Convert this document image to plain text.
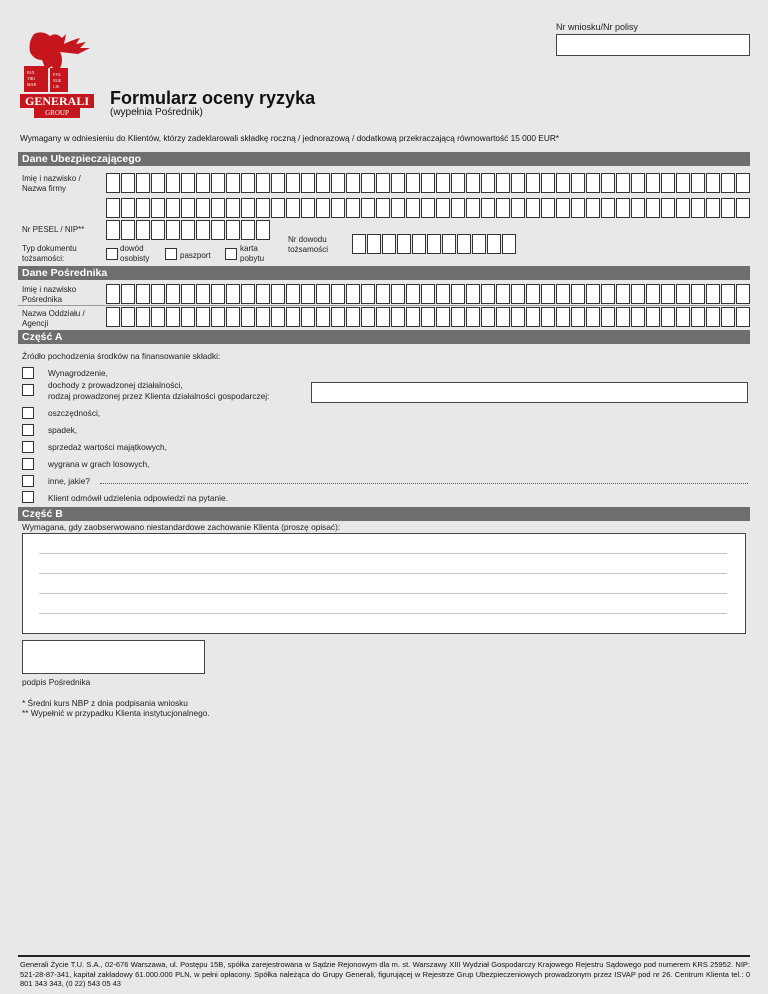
Nr wniosku/Nr polisy
PAX
TIBI
MAR
EVA
NGE
LIS
GENERALI
GROUP
Formularz oceny ryzyka
(wypełnia Pośrednik)
Wymagany w odniesieniu do Klientów, którzy zadeklarowali składkę roczną / jednorazową / dodatkową przekraczającą równowartość 15 000 EUR*
Dane Ubezpieczającego
Imię i nazwisko / Nazwa firmy
Nr PESEL / NIP**
Typ dokumentu tożsamości:
dowód osobisty	paszport
karta pobytu
Nr dowodu tożsamości
Dane Pośrednika
Imię i nazwisko Pośrednika
Nazwa Oddziału / Agencji
Część A
Źródło pochodzenia środków na finansowanie składki:
Wynagrodzenie,
dochody z prowadzonej działalności,
rodzaj prowadzonej przez Klienta działalności gospodarczej:
oszczędności,
spadek,
sprzedaż wartości majątkowych,
wygrana w grach losowych,
inne, jakie?
Klient odmówił udzielenia odpowiedzi na pytanie.
Część B
Wymagana, gdy zaobserwowano niestandardowe zachowanie Klienta (proszę opisać):
podpis Pośrednika
* Średni kurs NBP z dnia podpisania wniosku
** Wypełnić w przypadku Klienta instytucjonalnego.
Generali Życie T.U. S.A., 02-676 Warszawa, ul. Postępu 15B, spółka zarejestrowana w Sądzie Rejonowym dla m. st. Warszawy XIII Wydział Gospodarczy Krajowego Rejestru Sądowego pod numerem KRS 25952. NIP: 521-28-87-341, kapitał zakładowy 61.000.000 PLN, w pełni opłacony. Spółka należąca do Grupy Generali, figurującej w Rejestrze Grup Ubezpieczeniowych prowadzonym przez ISVAP pod nr 26. Centrum Klienta tel.: 0 801 343 343, (0 22) 543 05 43
